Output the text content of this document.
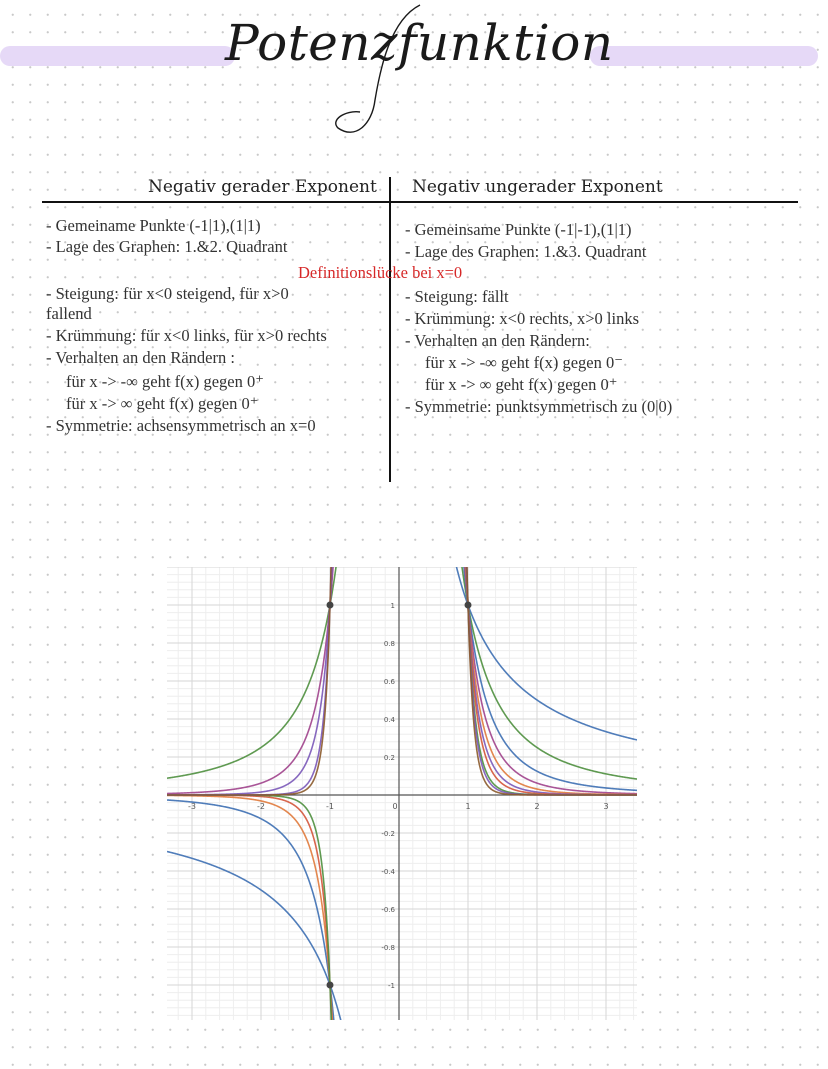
Potenzfunktion
Negativ gerader Exponent Negativ ungerader Exponent
- Gemeiname Punkte (-1|1),(1|1)
- Lage des Graphen: 1.&2. Quadrant
- Steigung: für x<0 steigend, für x>0
fallend
- Krümmung: für x<0 links, für x>0 rechts
- Verhalten an den Rändern :
für x -> -∞ geht f(x) gegen 0⁺
für x -> ∞ geht f(x) gegen 0⁺
- Symmetrie: achsensymmetrisch an x=0
- Gemeinsame Punkte (-1|-1),(1|1)
- Lage des Graphen: 1.&3. Quadrant
- Steigung: fällt
- Krümmung: x<0 rechts, x>0 links
- Verhalten an den Rändern:
für x -> -∞ geht f(x) gegen 0⁻
für x -> ∞ geht f(x) gegen 0⁺
- Symmetrie: punktsymmetrisch zu (0|0)
Definitionslücke bei x=0
-3	-2	-1	0	1	2	3
1
0.8
0.6
0.4
0.2
-0.2
-0.4
-0.6
-0.8
-1
